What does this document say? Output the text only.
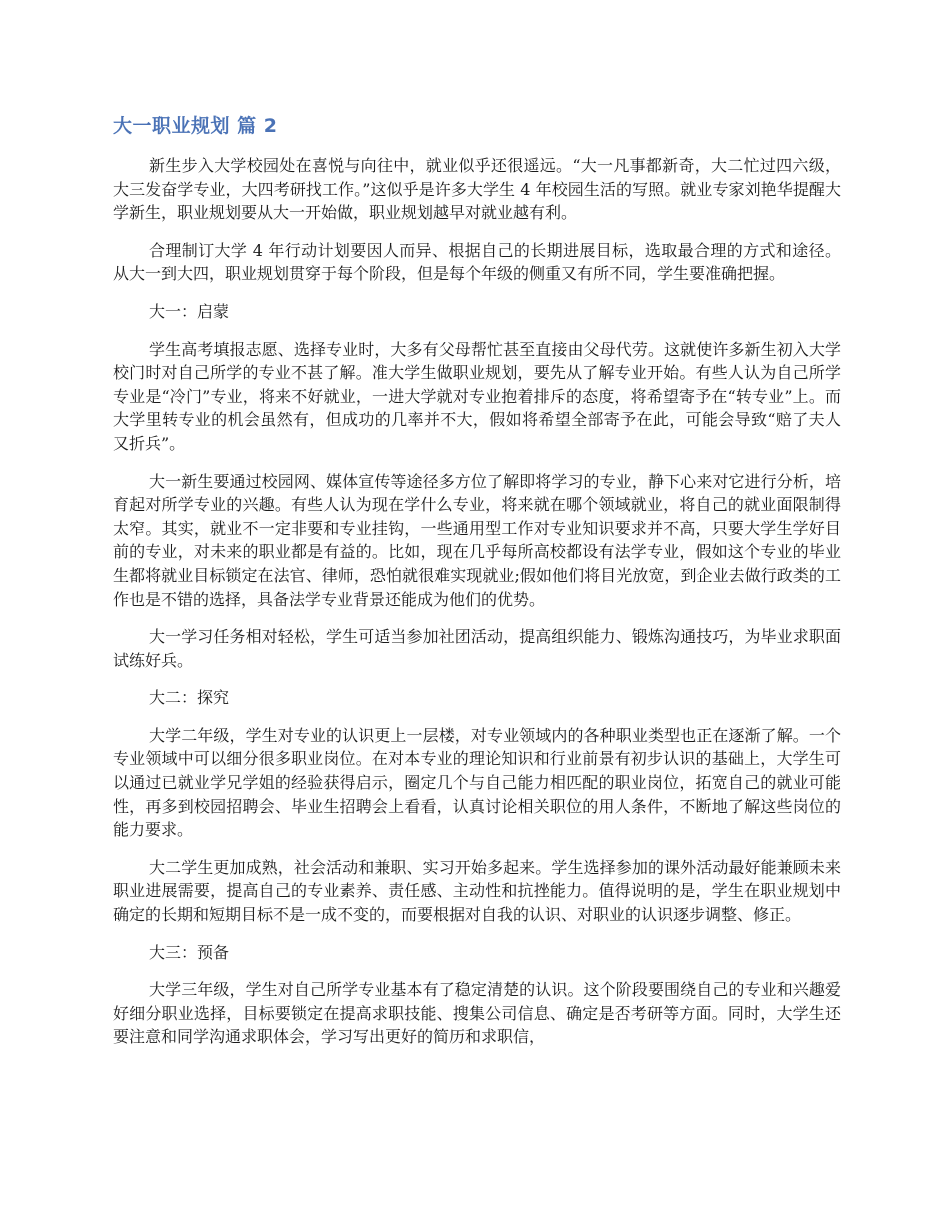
大一职业规划 篇 2

新生步入大学校园处在喜悦与向往中，就业似乎还很遥远。“大一凡事都新奇，大二忙过四六级，大三发奋学专业，大四考研找工作。”这似乎是许多大学生 4 年校园生活的写照。就业专家刘艳华提醒大学新生，职业规划要从大一开始做，职业规划越早对就业越有利。

合理制订大学 4 年行动计划要因人而异、根据自己的长期进展目标，选取最合理的方式和途径。从大一到大四，职业规划贯穿于每个阶段，但是每个年级的侧重又有所不同，学生要准确把握。

大一：启蒙

学生高考填报志愿、选择专业时，大多有父母帮忙甚至直接由父母代劳。这就使许多新生初入大学校门时对自己所学的专业不甚了解。准大学生做职业规划，要先从了解专业开始。有些人认为自己所学专业是“冷门”专业，将来不好就业，一进大学就对专业抱着排斥的态度，将希望寄予在“转专业”上。而大学里转专业的机会虽然有，但成功的几率并不大，假如将希望全部寄予在此，可能会导致“赔了夫人又折兵”。

大一新生要通过校园网、媒体宣传等途径多方位了解即将学习的专业，静下心来对它进行分析，培育起对所学专业的兴趣。有些人认为现在学什么专业，将来就在哪个领域就业，将自己的就业面限制得太窄。其实，就业不一定非要和专业挂钩，一些通用型工作对专业知识要求并不高，只要大学生学好目前的专业，对未来的职业都是有益的。比如，现在几乎每所高校都设有法学专业，假如这个专业的毕业生都将就业目标锁定在法官、律师，恐怕就很难实现就业;假如他们将目光放宽，到企业去做行政类的工作也是不错的选择，具备法学专业背景还能成为他们的优势。

大一学习任务相对轻松，学生可适当参加社团活动，提高组织能力、锻炼沟通技巧，为毕业求职面试练好兵。

大二：探究

大学二年级，学生对专业的认识更上一层楼，对专业领域内的各种职业类型也正在逐渐了解。一个专业领域中可以细分很多职业岗位。在对本专业的理论知识和行业前景有初步认识的基础上，大学生可以通过已就业学兄学姐的经验获得启示，圈定几个与自己能力相匹配的职业岗位，拓宽自己的就业可能性，再多到校园招聘会、毕业生招聘会上看看，认真讨论相关职位的用人条件，不断地了解这些岗位的能力要求。

大二学生更加成熟，社会活动和兼职、实习开始多起来。学生选择参加的课外活动最好能兼顾未来职业进展需要，提高自己的专业素养、责任感、主动性和抗挫能力。值得说明的是，学生在职业规划中确定的长期和短期目标不是一成不变的，而要根据对自我的认识、对职业的认识逐步调整、修正。

大三：预备

大学三年级，学生对自己所学专业基本有了稳定清楚的认识。这个阶段要围绕自己的专业和兴趣爱好细分职业选择，目标要锁定在提高求职技能、搜集公司信息、确定是否考研等方面。同时，大学生还要注意和同学沟通求职体会，学习写出更好的简历和求职信，
